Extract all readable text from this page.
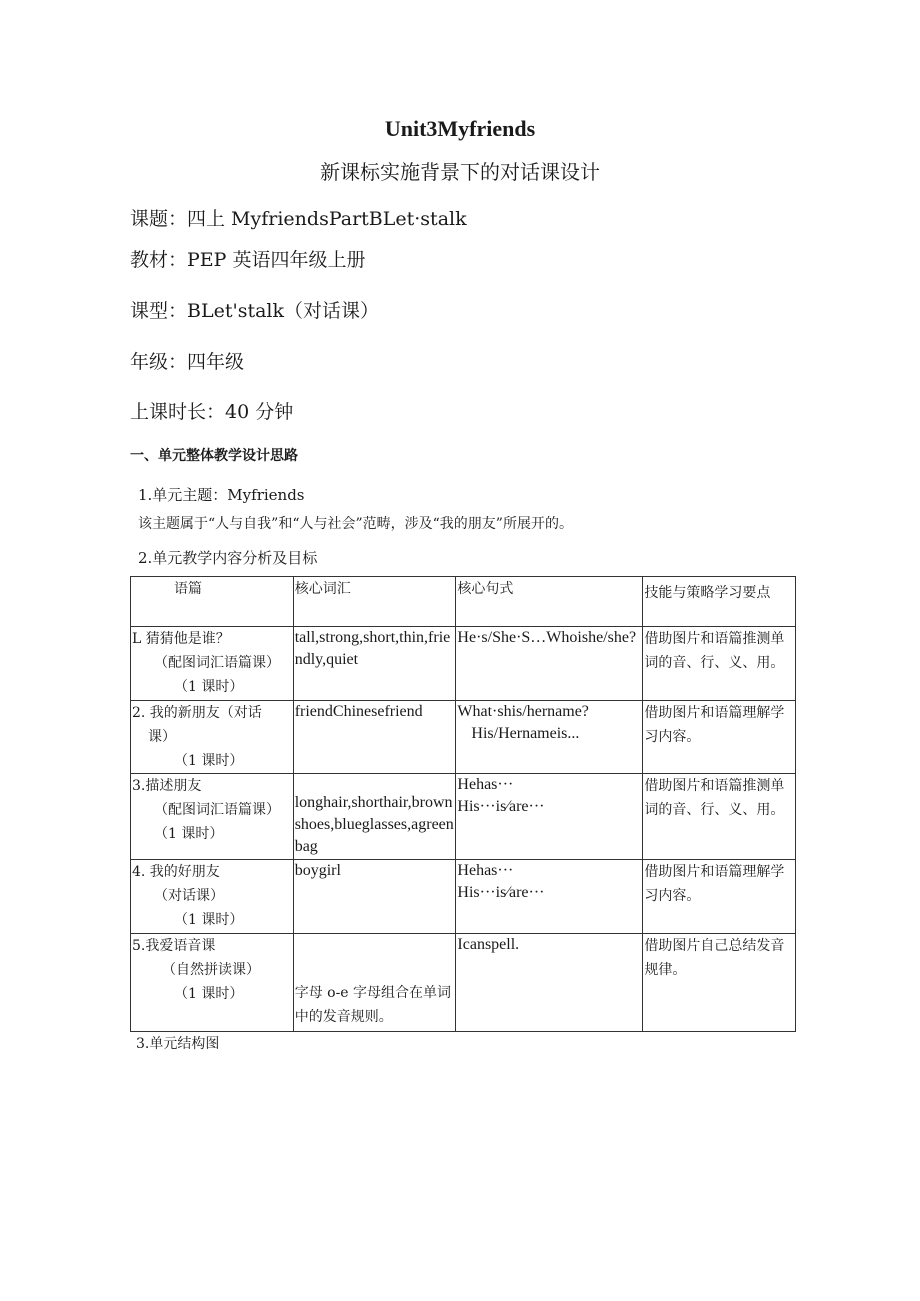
Unit3Myfriends
新课标实施背景下的对话课设计
课题：四上 MyfriendsPartBLet·stalk
教材：PEP 英语四年级上册
课型：BLet'stalk（对话课）
年级：四年级
上课时长：40 分钟
一、单元整体教学设计思路
1.单元主题：Myfriends
该主题属于“人与自我”和“人与社会”范畴，涉及“我的朋友”所展开的。
2.单元教学内容分析及目标
语篇	核心词汇	核心句式	技能与策略学习要点
L 猜猜他是谁？
（配图词汇语篇课）
（1 课时）	tall,strong,short,thin,friendly,quiet	He·s/She·S…Whoishe/she?	借助图片和语篇推测单词的音、行、义、用。
2. 我的新朋友（对话
课）
（1 课时）	friendChinesefriend	What·shis/hername?
His/Hernameis...	借助图片和语篇理解学习内容。
3.描述朋友
（配图词汇语篇课）
（1 课时）	longhair,shorthair,brownshoes,blueglasses,agreenbag	Hehas···
His···is∕are···	借助图片和语篇推测单词的音、行、义、用。
4. 我的好朋友
（对话课）
（1 课时）	boygirl	Hehas···
His···is∕are···	借助图片和语篇理解学习内容。
5.我爱语音课
（自然拼读课）
（1 课时）	字母 o-e 字母组合在单词中的发音规则。	Icanspell.	借助图片自己总结发音规律。
3.单元结构图
